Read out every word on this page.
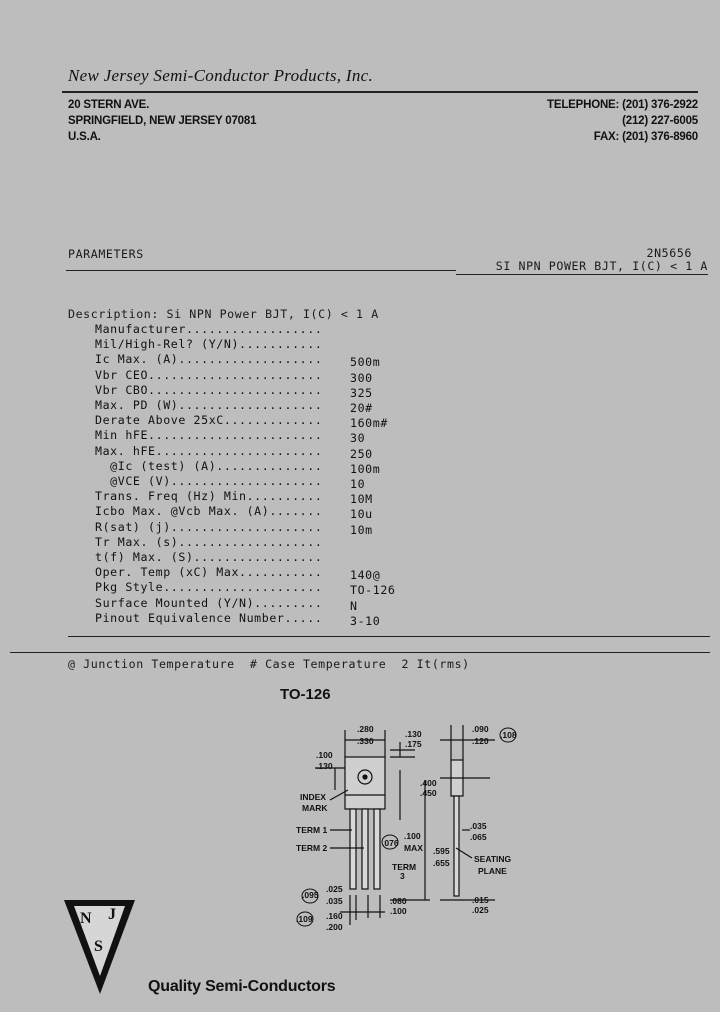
New Jersey Semi-Conductor Products, Inc.
20 STERN AVE.
SPRINGFIELD, NEW JERSEY 07081
U.S.A.
TELEPHONE: (201) 376-2922
(212) 227-6005
FAX: (201) 376-8960
PARAMETERS	2N5656
SI NPN POWER BJT, I(C) < 1 A
Description: Si NPN Power BJT, I(C) < 1 A
Manufacturer..................
Mil/High-Rel? (Y/N)...........
Ic Max. (A)................... 500m
Vbr CEO....................... 300
Vbr CBO....................... 325
Max. PD (W)................... 20#
Derate Above 25xC............. 160m#
Min hFE....................... 30
Max. hFE...................... 250
@Ic (test) (A).............. 100m
@VCE (V).................... 10
Trans. Freq (Hz) Min.......... 10M
Icbo Max. @Vcb Max. (A)....... 10u
R(sat) (j).................... 10m
Tr Max. (s)...................
t(f) Max. (S).................
Oper. Temp (xC) Max........... 140@
Pkg Style..................... TO-126
Surface Mounted (Y/N)......... N
Pinout Equivalence Number..... 3-10
@ Junction Temperature  # Case Temperature  2 It(rms)
TO-126
.280
.330
.130
.175
.100
.130
.090
.120
.108
.400
.450
INDEX
MARK
TERM 1
TERM 2
.035
.065
.100
MAX
.076
.595
.655
TERM
3
SEATING
PLANE
.095
.025
.035	.080
.100
.109 .160
.200
.015
.025
N J
S
Quality Semi-Conductors
